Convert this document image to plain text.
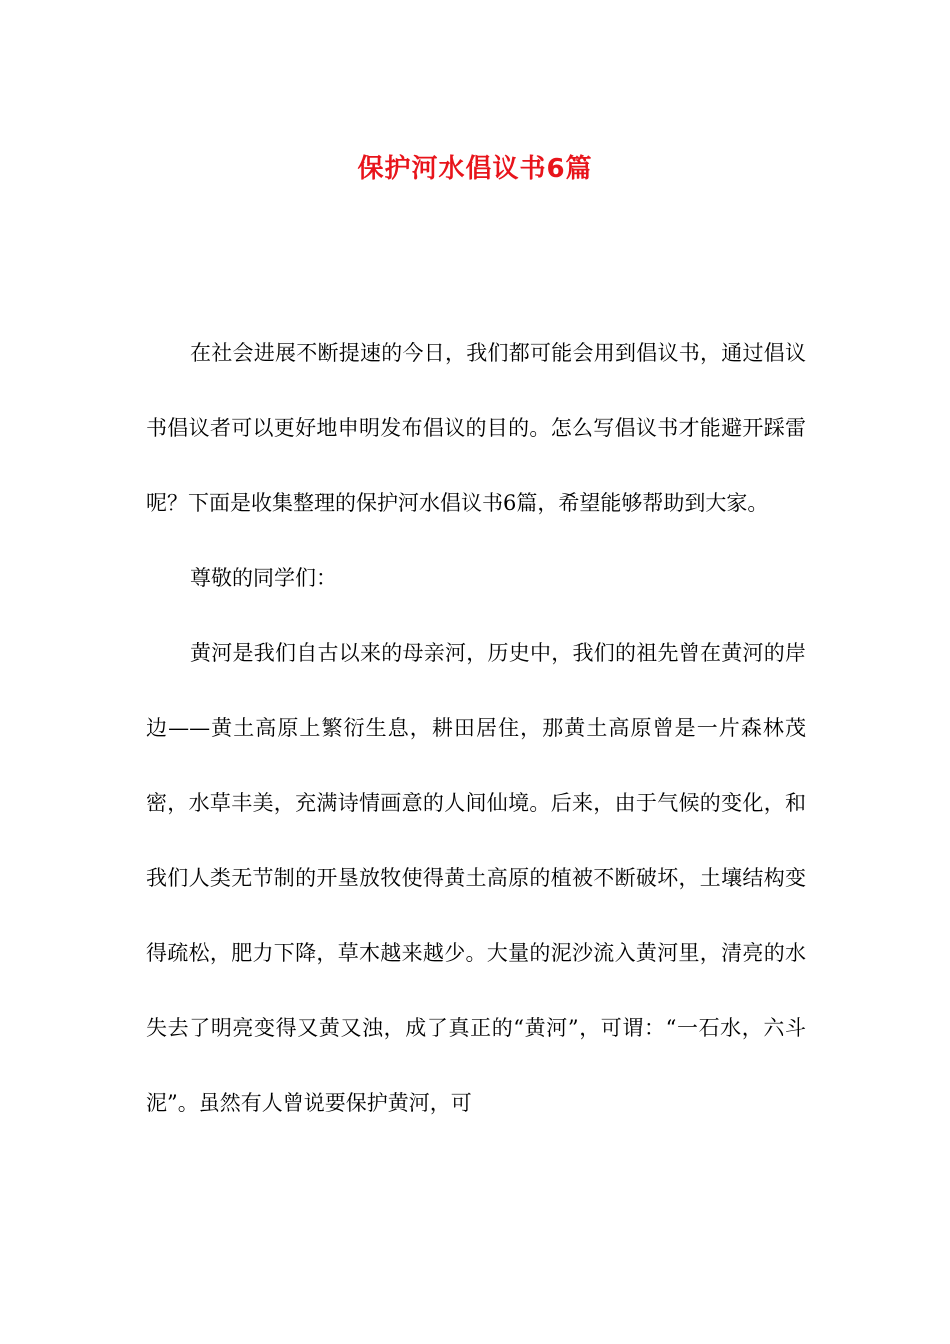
保护河水倡议书6篇

在社会进展不断提速的今日，我们都可能会用到倡议书，通过倡议书倡议者可以更好地申明发布倡议的目的。怎么写倡议书才能避开踩雷呢？下面是收集整理的保护河水倡议书6篇，希望能够帮助到大家。

尊敬的同学们：

黄河是我们自古以来的母亲河，历史中，我们的祖先曾在黄河的岸边——黄土高原上繁衍生息，耕田居住，那黄土高原曾是一片森林茂密，水草丰美，充满诗情画意的人间仙境。后来，由于气候的变化，和我们人类无节制的开垦放牧使得黄土高原的植被不断破坏，土壤结构变得疏松，肥力下降，草木越来越少。大量的泥沙流入黄河里，清亮的水失去了明亮变得又黄又浊，成了真正的“黄河”，可谓：“一石水，六斗泥”。虽然有人曾说要保护黄河，可
